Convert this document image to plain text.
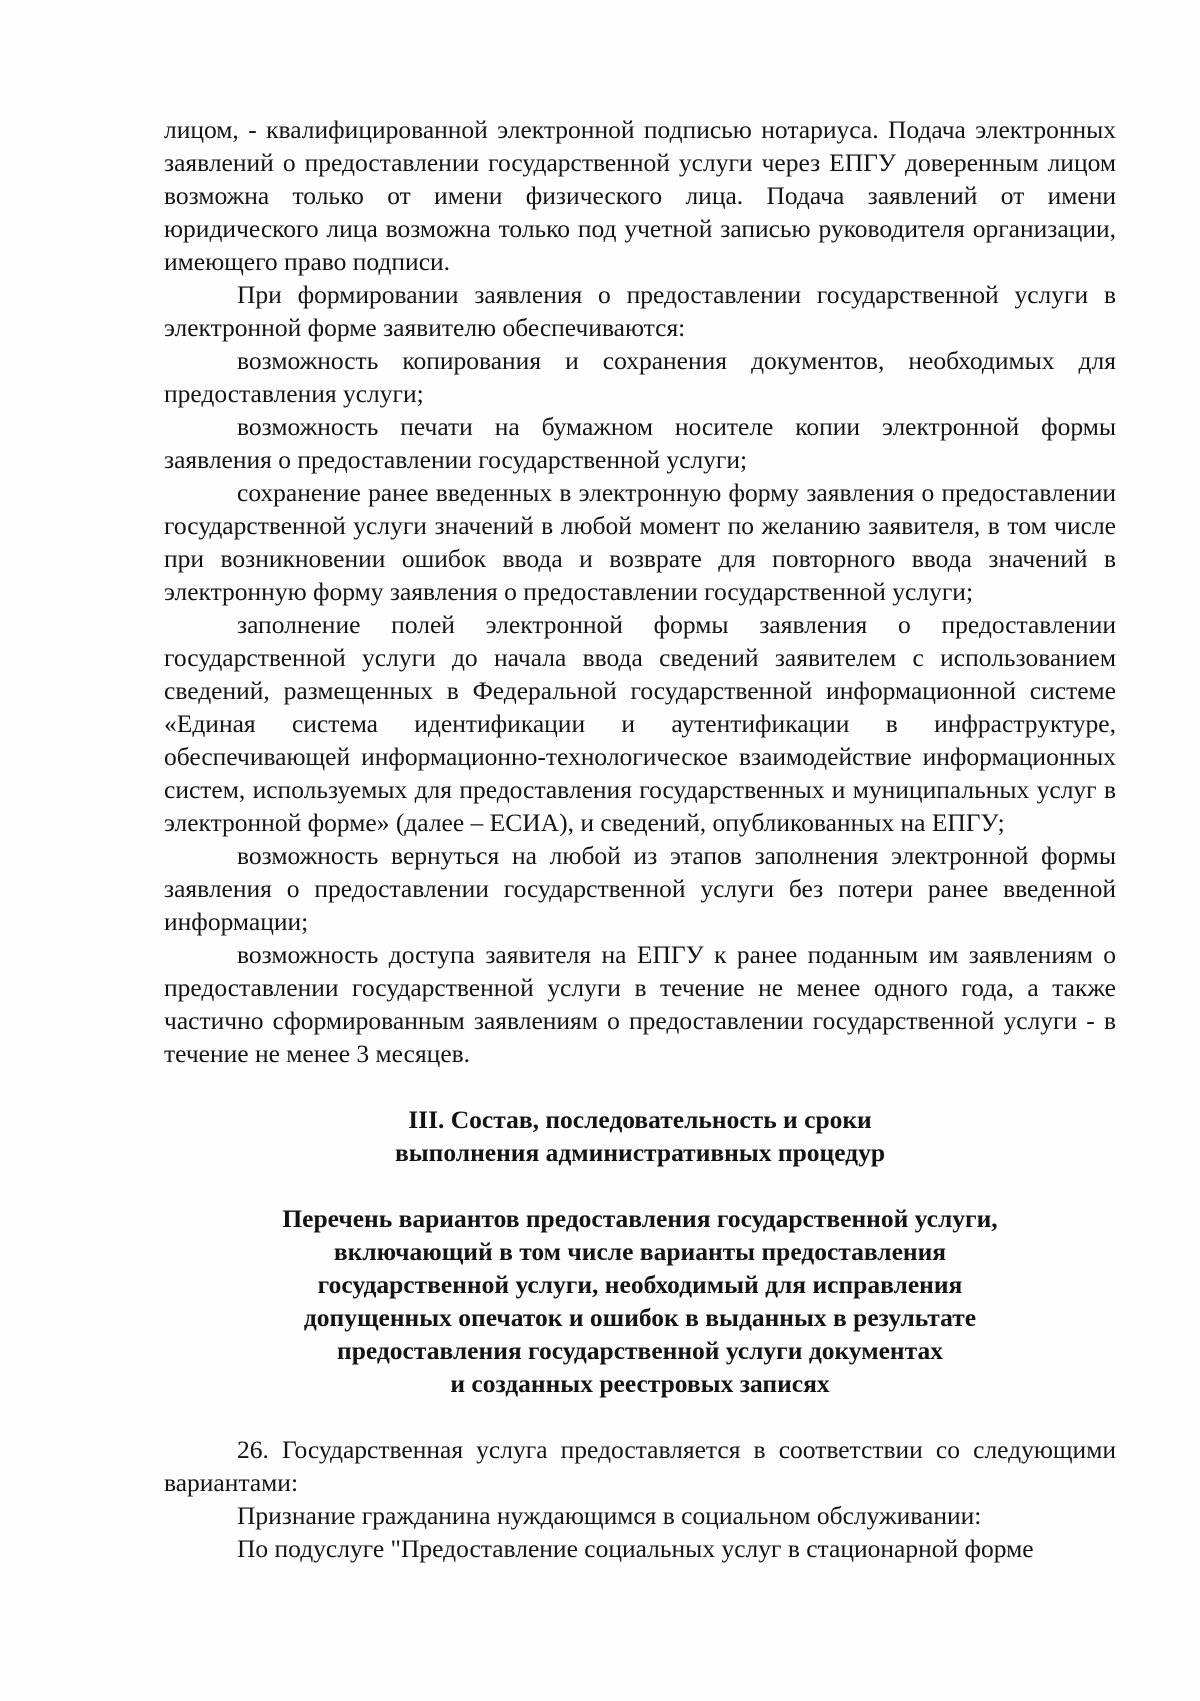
лицом, - квалифицированной электронной подписью нотариуса. Подача электронных заявлений о предоставлении государственной услуги через ЕПГУ доверенным лицом возможна только от имени физического лица. Подача заявлений от имени юридического лица возможна только под учетной записью руководителя организации, имеющего право подписи.

При формировании заявления о предоставлении государственной услуги в электронной форме заявителю обеспечиваются:

возможность копирования и сохранения документов, необходимых для предоставления услуги;

возможность печати на бумажном носителе копии электронной формы заявления о предоставлении государственной услуги;

сохранение ранее введенных в электронную форму заявления о предоставлении государственной услуги значений в любой момент по желанию заявителя, в том числе при возникновении ошибок ввода и возврате для повторного ввода значений в электронную форму заявления о предоставлении государственной услуги;

заполнение полей электронной формы заявления о предоставлении государственной услуги до начала ввода сведений заявителем с использованием сведений, размещенных в Федеральной государственной информационной системе «Единая система идентификации и аутентификации в инфраструктуре, обеспечивающей информационно-технологическое взаимодействие информационных систем, используемых для предоставления государственных и муниципальных услуг в электронной форме» (далее – ЕСИА), и сведений, опубликованных на ЕПГУ;

возможность вернуться на любой из этапов заполнения электронной формы заявления о предоставлении государственной услуги без потери ранее введенной информации;

возможность доступа заявителя на ЕПГУ к ранее поданным им заявлениям о предоставлении государственной услуги в течение не менее одного года, а также частично сформированным заявлениям о предоставлении государственной услуги - в течение не менее 3 месяцев.

III. Состав, последовательность и сроки
выполнения административных процедур
Перечень вариантов предоставления государственной услуги,
включающий в том числе варианты предоставления
государственной услуги, необходимый для исправления
допущенных опечаток и ошибок в выданных в результате
предоставления государственной услуги документах
и созданных реестровых записях

26. Государственная услуга предоставляется в соответствии со следующими вариантами:

Признание гражданина нуждающимся в социальном обслуживании:

По подуслуге "Предоставление социальных услуг в стационарной форме
